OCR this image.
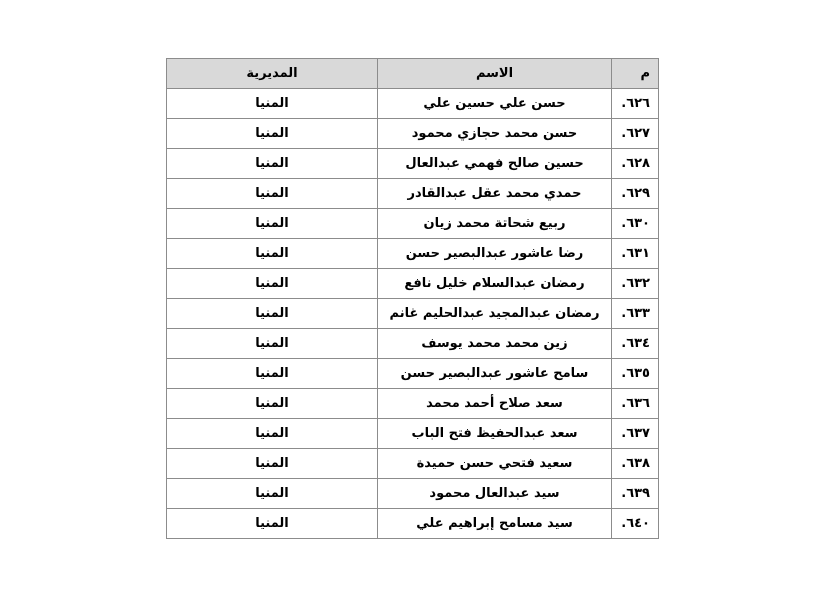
م	الاسم	المديرية
٦٢٦.	حسن علي حسين علي	المنيا
٦٢٧.	حسن محمد حجازي محمود	المنيا
٦٢٨.	حسين صالح فهمي عبدالعال	المنيا
٦٢٩.	حمدي محمد عقل عبدالقادر	المنيا
٦٣٠.	ربيع شحاتة محمد زيان	المنيا
٦٣١.	رضا عاشور عبدالبصير حسن	المنيا
٦٣٢.	رمضان عبدالسلام خليل نافع	المنيا
٦٣٣.	رمضان عبدالمجيد عبدالحليم غانم	المنيا
٦٣٤.	زين محمد محمد يوسف	المنيا
٦٣٥.	سامح عاشور عبدالبصير حسن	المنيا
٦٣٦.	سعد صلاح أحمد محمد	المنيا
٦٣٧.	سعد عبدالحفيظ فتح الباب	المنيا
٦٣٨.	سعيد فتحي حسن حميدة	المنيا
٦٣٩.	سيد عبدالعال محمود	المنيا
٦٤٠.	سيد مسامح إبراهيم علي	المنيا
